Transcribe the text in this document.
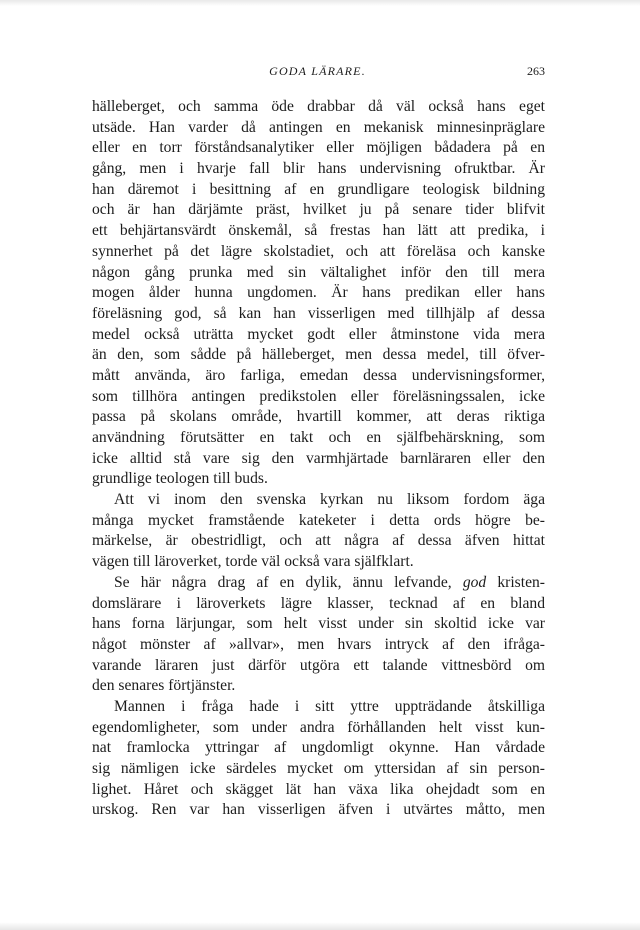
GODA LÄRARE.	263
hälleberget, och samma öde drabbar då väl också hans eget
utsäde. Han varder då antingen en mekanisk minnesinpräglare
eller en torr förståndsanalytiker eller möjligen bådadera på en
gång, men i hvarje fall blir hans undervisning ofruktbar. Är
han däremot i besittning af en grundligare teologisk bildning
och är han därjämte präst, hvilket ju på senare tider blifvit
ett behjärtansvärdt önskemål, så frestas han lätt att predika, i
synnerhet på det lägre skolstadiet, och att föreläsa och kanske
någon gång prunka med sin vältalighet inför den till mera
mogen ålder hunna ungdomen. Är hans predikan eller hans
föreläsning god, så kan han visserligen med tillhjälp af dessa
medel också uträtta mycket godt eller åtminstone vida mera
än den, som sådde på hälleberget, men dessa medel, till öfver-
mått använda, äro farliga, emedan dessa undervisningsformer,
som tillhöra antingen predikstolen eller föreläsningssalen, icke
passa på skolans område, hvartill kommer, att deras riktiga
användning förutsätter en takt och en själfbehärskning, som
icke alltid stå vare sig den varmhjärtade barnläraren eller den
grundlige teologen till buds.
Att vi inom den svenska kyrkan nu liksom fordom äga
många mycket framstående kateketer i detta ords högre be-
märkelse, är obestridligt, och att några af dessa äfven hittat
vägen till läroverket, torde väl också vara själfklart.
Se här några drag af en dylik, ännu lefvande, god kristen-
domslärare i läroverkets lägre klasser, tecknad af en bland
hans forna lärjungar, som helt visst under sin skoltid icke var
något mönster af »allvar», men hvars intryck af den ifråga-
varande läraren just därför utgöra ett talande vittnesbörd om
den senares förtjänster.
Mannen i fråga hade i sitt yttre uppträdande åtskilliga
egendomligheter, som under andra förhållanden helt visst kun-
nat framlocka yttringar af ungdomligt okynne. Han vårdade
sig nämligen icke särdeles mycket om yttersidan af sin person-
lighet. Håret och skägget lät han växa lika ohejdadt som en
urskog. Ren var han visserligen äfven i utvärtes måtto, men
